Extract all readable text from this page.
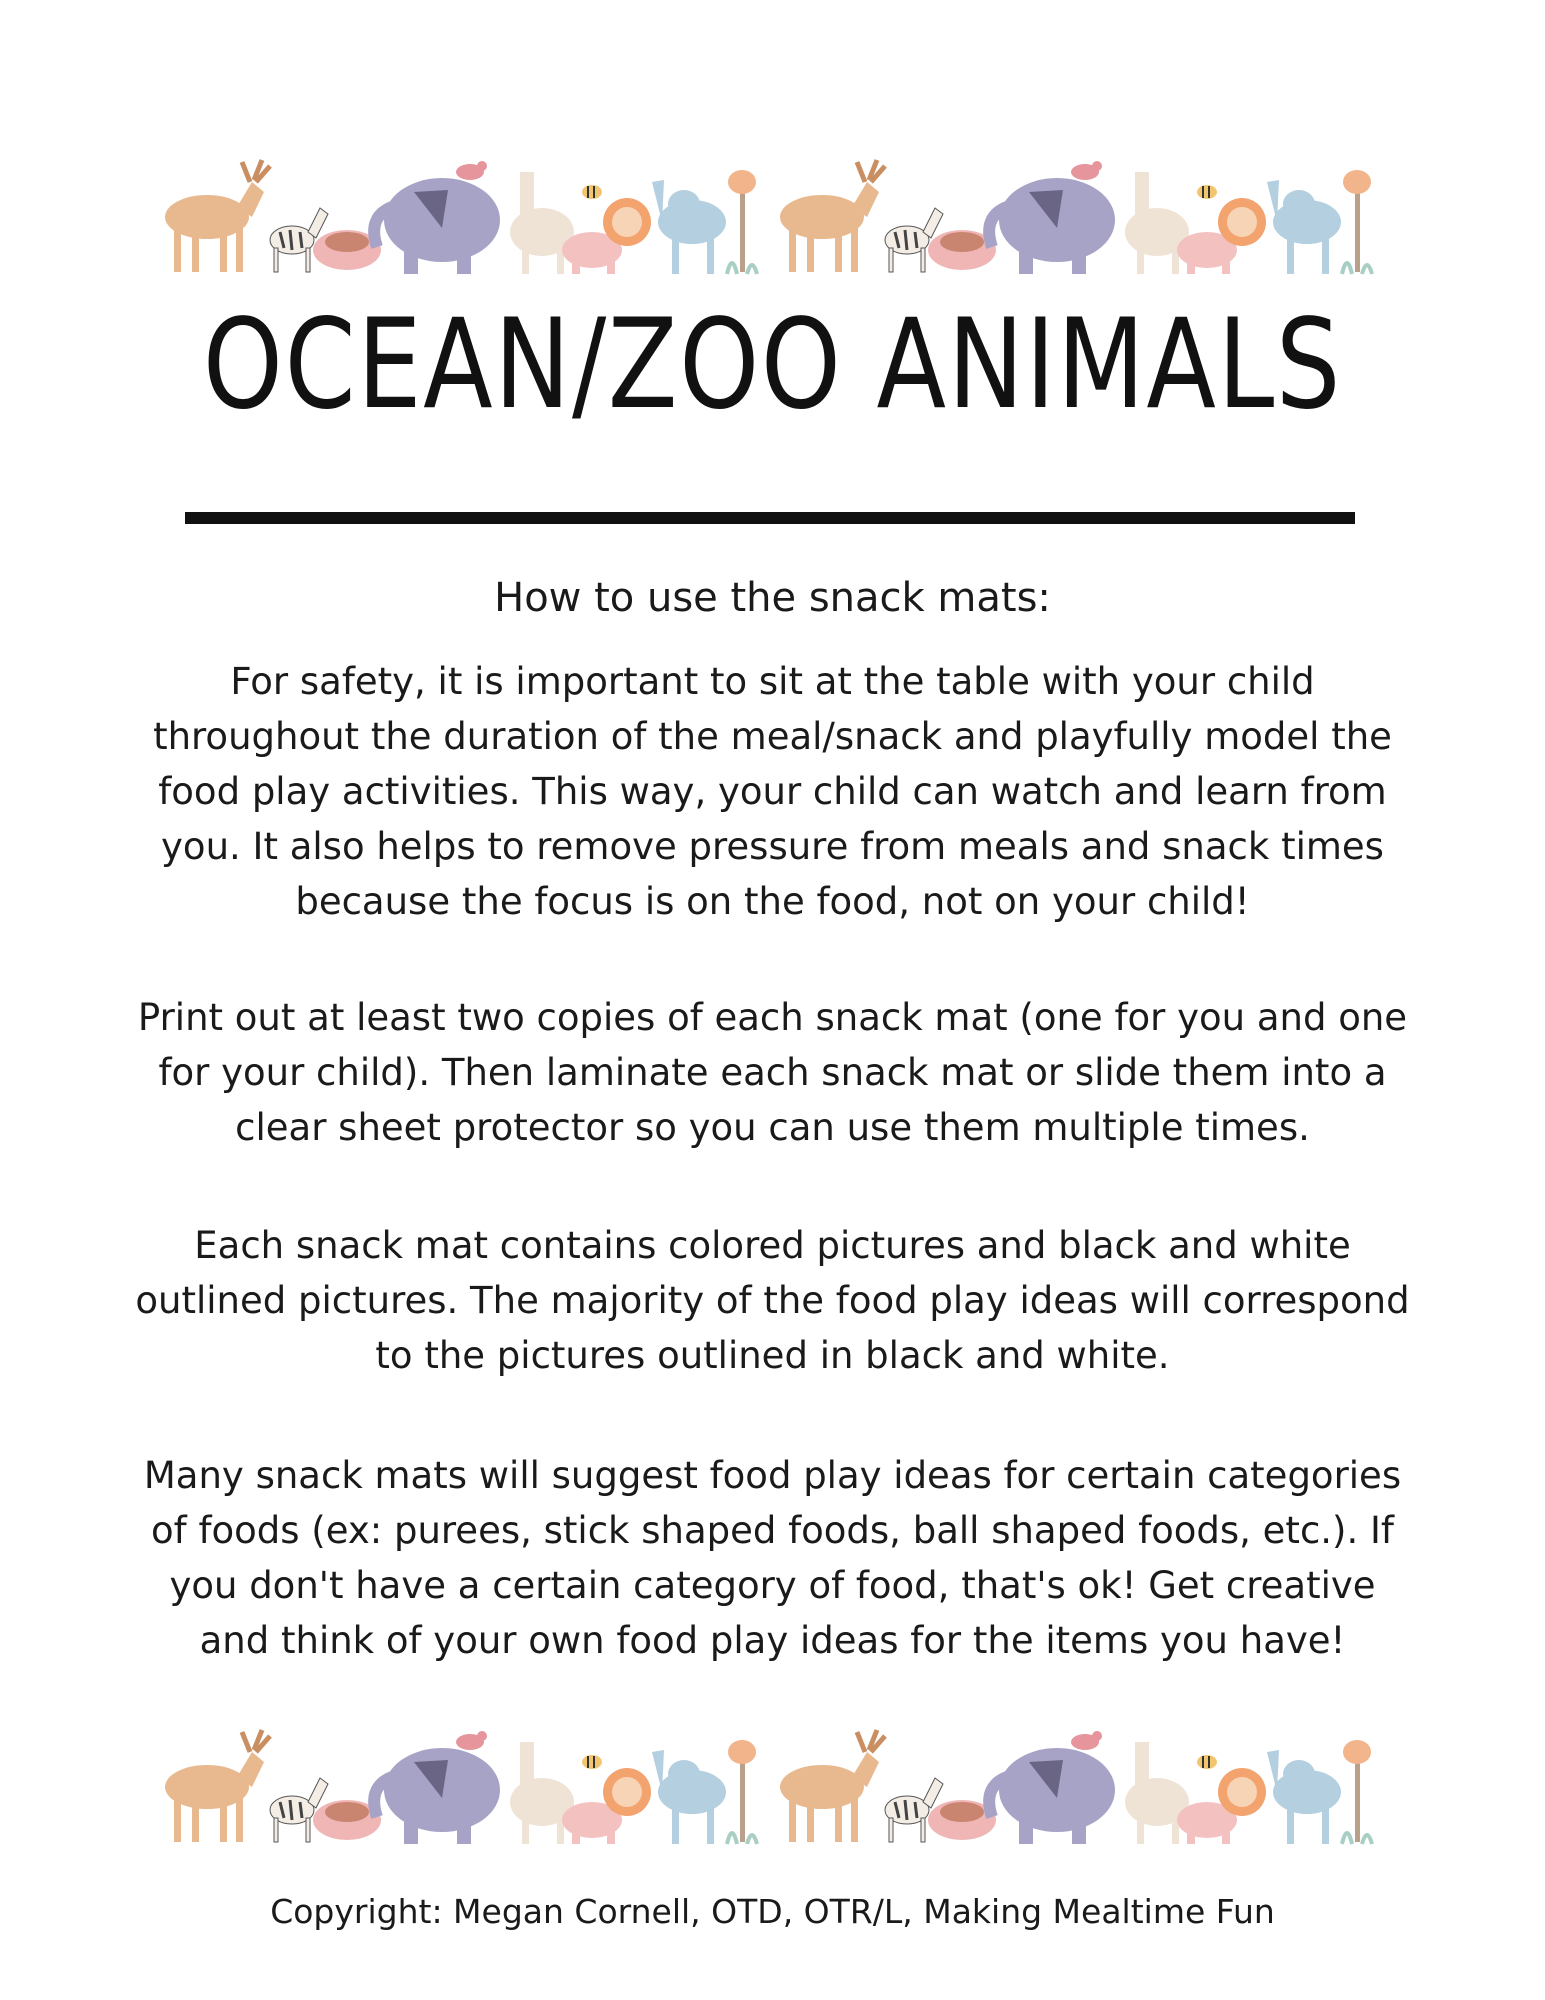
OCEAN/ZOO ANIMALS
How to use the snack mats:
For safety, it is important to sit at the table with your child throughout the duration of the meal/snack and playfully model the food play activities. This way, your child can watch and learn from you. It also helps to remove pressure from meals and snack times because the focus is on the food, not on your child!
Print out at least two copies of each snack mat (one for you and one for your child). Then laminate each snack mat or slide them into a clear sheet protector so you can use them multiple times.
Each snack mat contains colored pictures and black and white outlined pictures. The majority of the food play ideas will correspond to the pictures outlined in black and white.
Many snack mats will suggest food play ideas for certain categories of foods (ex: purees, stick shaped foods, ball shaped foods, etc.). If you don't have a certain category of food, that's ok! Get creative and think of your own food play ideas for the items you have!
Copyright: Megan Cornell, OTD, OTR/L, Making Mealtime Fun
